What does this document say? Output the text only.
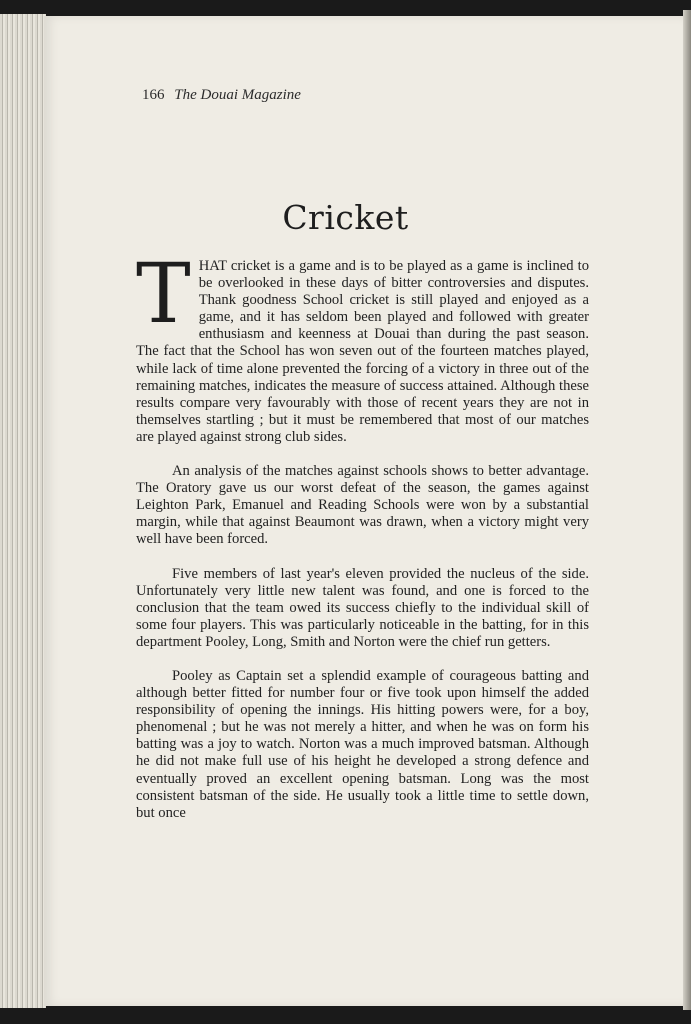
166 The Douai Magazine
Cricket

THAT cricket is a game and is to be played as a game is inclined to be overlooked in these days of bitter controversies and disputes. Thank goodness School cricket is still played and enjoyed as a game, and it has seldom been played and followed with greater enthusiasm and keenness at Douai than during the past season. The fact that the School has won seven out of the fourteen matches played, while lack of time alone prevented the forcing of a victory in three out of the remaining matches, indicates the measure of success attained. Although these results compare very favourably with those of recent years they are not in themselves startling ; but it must be remembered that most of our matches are played against strong club sides.

An analysis of the matches against schools shows to better advantage. The Oratory gave us our worst defeat of the season, the games against Leighton Park, Emanuel and Reading Schools were won by a substantial margin, while that against Beaumont was drawn, when a victory might very well have been forced.

Five members of last year's eleven provided the nucleus of the side. Unfortunately very little new talent was found, and one is forced to the conclusion that the team owed its success chiefly to the individual skill of some four players. This was particularly noticeable in the batting, for in this department Pooley, Long, Smith and Norton were the chief run getters.

Pooley as Captain set a splendid example of courageous batting and although better fitted for number four or five took upon himself the added responsibility of opening the innings. His hitting powers were, for a boy, phenomenal ; but he was not merely a hitter, and when he was on form his batting was a joy to watch. Norton was a much improved batsman. Although he did not make full use of his height he developed a strong defence and eventually proved an excellent opening batsman. Long was the most consistent batsman of the side. He usually took a little time to settle down, but once
